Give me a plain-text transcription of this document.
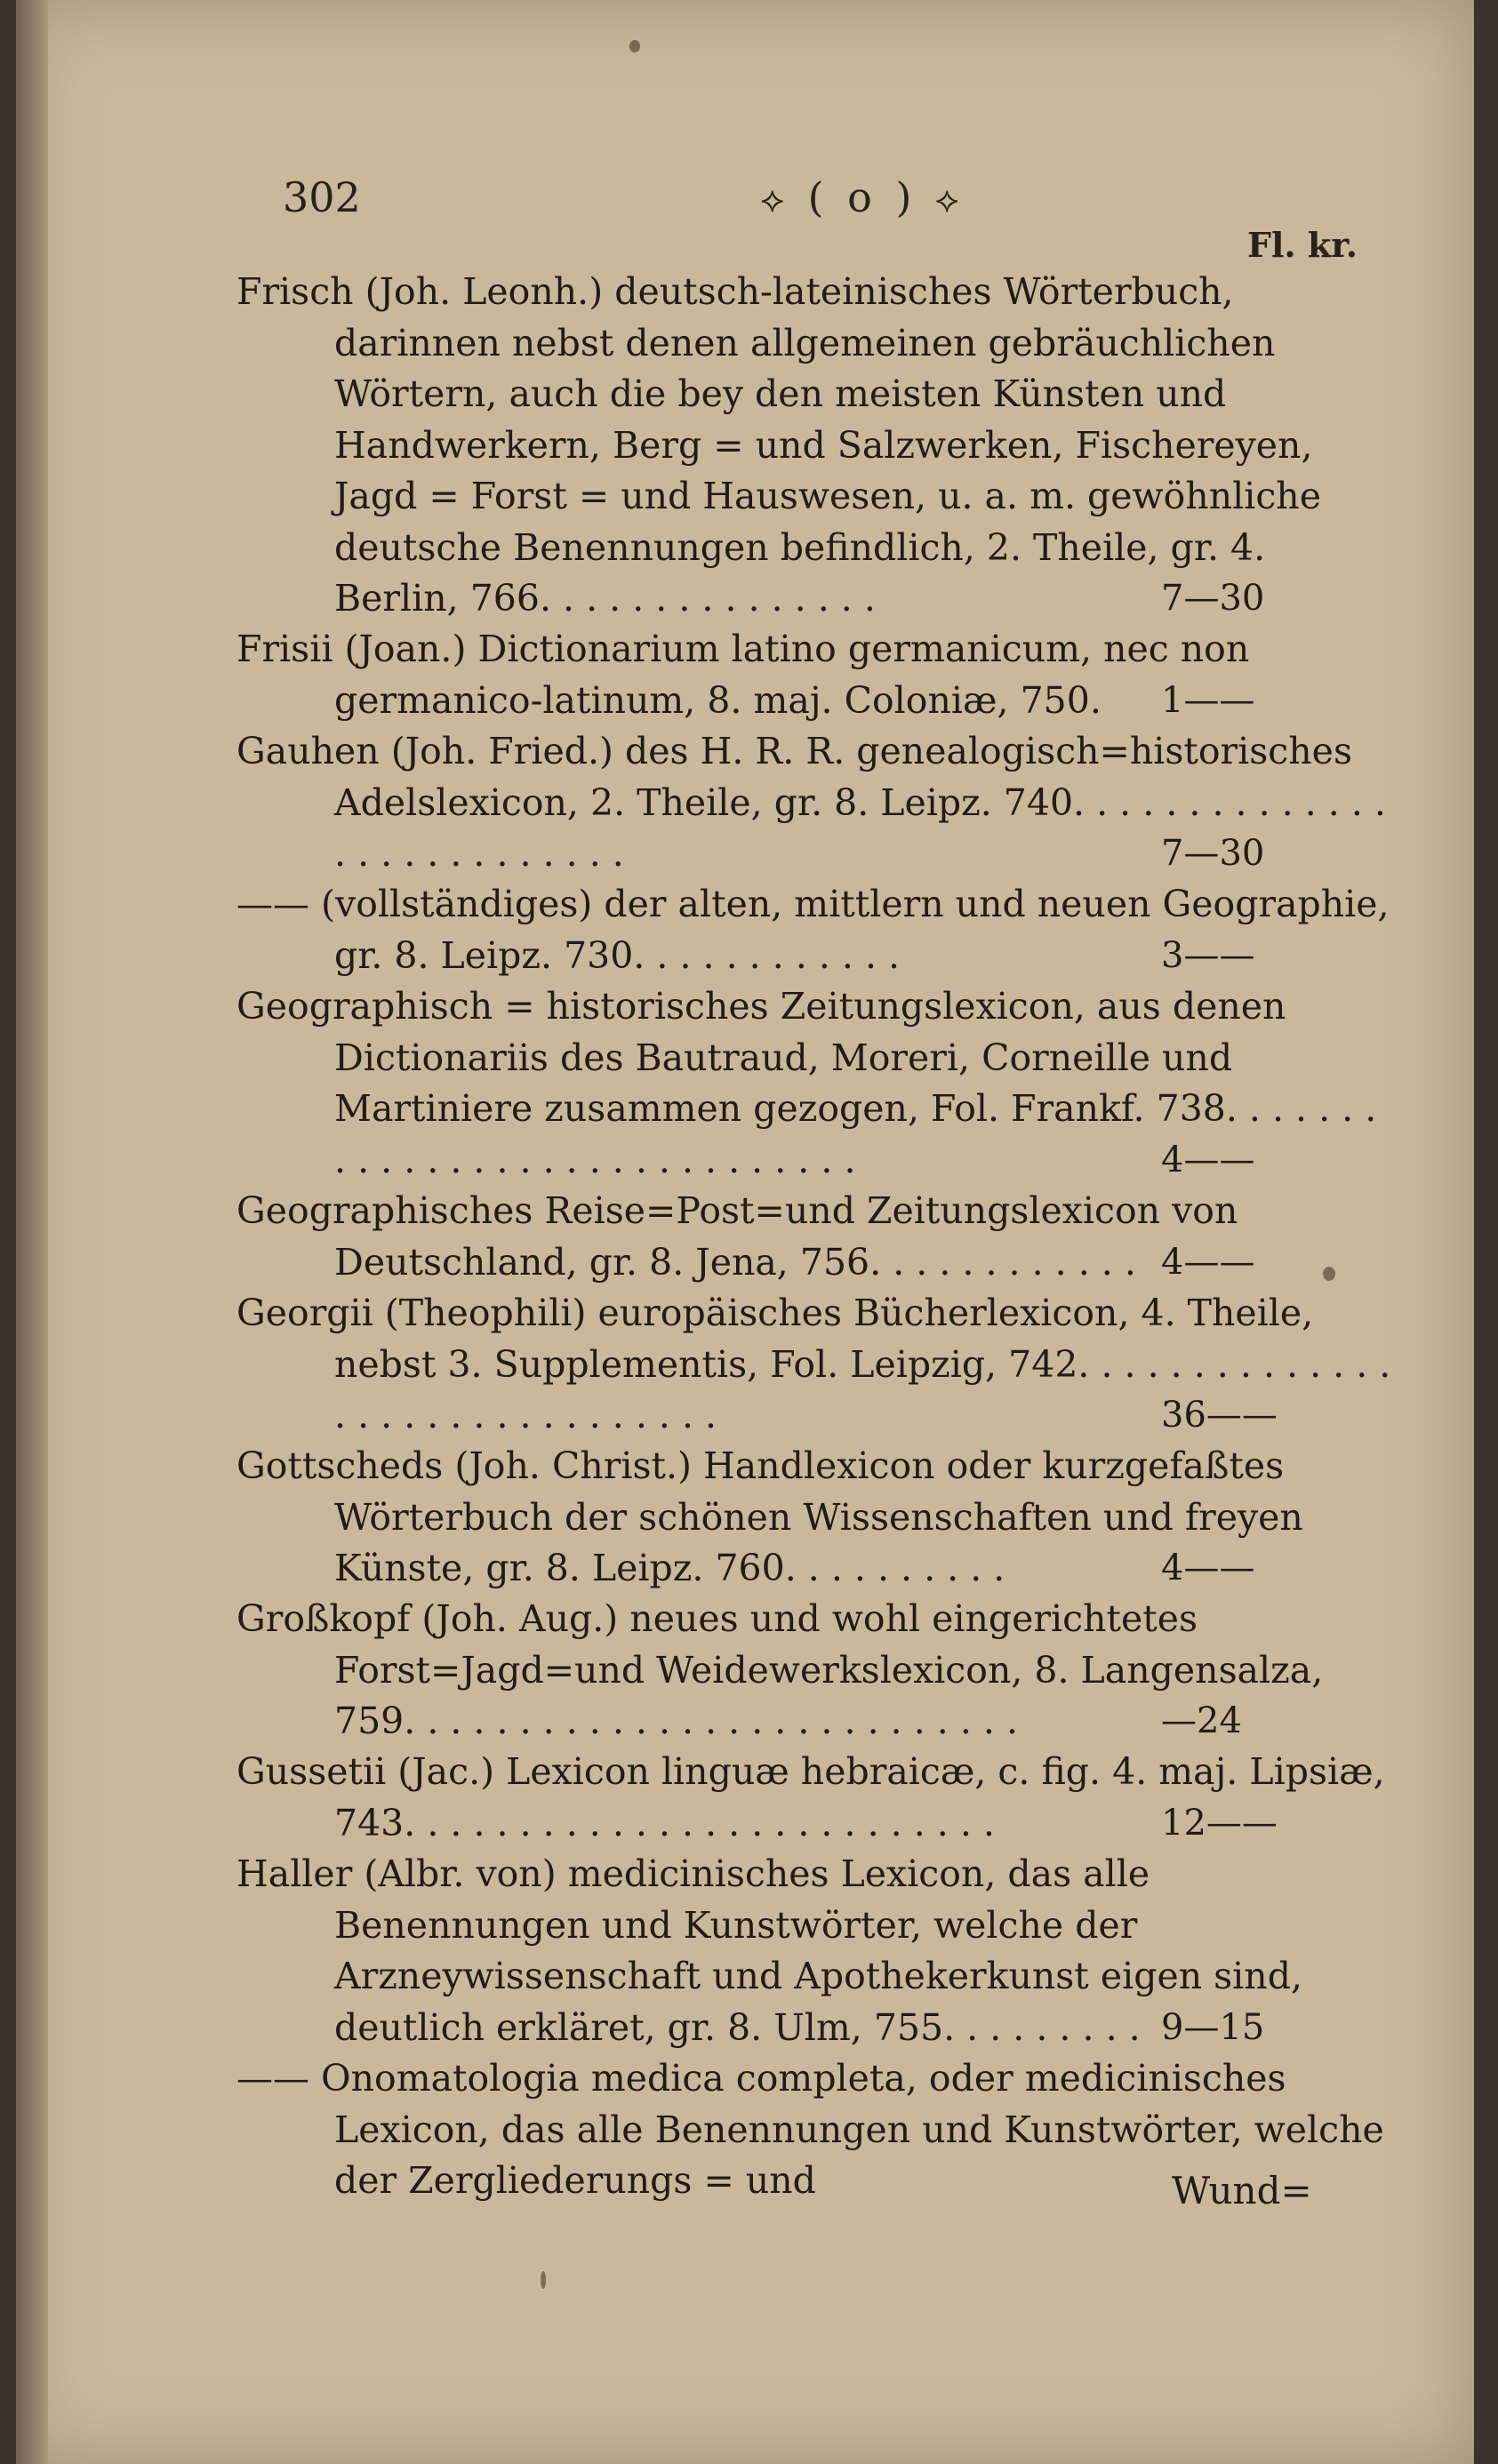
302	⟡ ( o ) ⟡
Fl. kr.
Frisch (Joh. Leonh.) deutsch-lateinisches Wörterbuch, darinnen nebst denen allgemeinen gebräuchlichen Wörtern, auch die bey den meisten Künsten und Handwerkern, Berg = und Salzwerken, Fischereyen, Jagd = Forst = und Hauswesen, u. a. m. gewöhnliche deutsche Benennungen befindlich, 2. Theile, gr. 4. Berlin, 766. . . . . . . . . . . . . . .	7—30
Frisii (Joan.) Dictionarium latino germanicum, nec non germanico-latinum, 8. maj. Coloniæ, 750. 1——
Gauhen (Joh. Fried.) des H. R. R. genealogisch=historisches Adelslexicon, 2. Theile, gr. 8. Leipz. 740. . . . . . . . . . . . . . . . . . . . . . . . . . .	7—30
—— (vollständiges) der alten, mittlern und neuen Geographie, gr. 8. Leipz. 730. . . . . . . . . . . .	3——
Geographisch = historisches Zeitungslexicon, aus denen Dictionariis des Bautraud, Moreri, Corneille und Martiniere zusammen gezogen, Fol. Frankf. 738. . . . . . . . . . . . . . . . . . . . . . . . . . . . . .	4——
Geographisches Reise=Post=und Zeitungslexicon von Deutschland, gr. 8. Jena, 756. . . . . . . . . . . . 4——
Georgii (Theophili) europäisches Bücherlexicon, 4. Theile, nebst 3. Supplementis, Fol. Leipzig, 742. . . . . . . . . . . . . . . . . . . . . . . . . . . . . . .	36——
Gottscheds (Joh. Christ.) Handlexicon oder kurzgefaßtes Wörterbuch der schönen Wissenschaften und freyen Künste, gr. 8. Leipz. 760. . . . . . . . . .	4——
Großkopf (Joh. Aug.) neues und wohl eingerichtetes Forst=Jagd=und Weidewerkslexicon, 8. Langensalza, 759. . . . . . . . . . . . . . . . . . . . . . . . . . .	—24
Gussetii (Jac.) Lexicon linguæ hebraicæ, c. fig. 4. maj. Lipsiæ, 743. . . . . . . . . . . . . . . . . . . . . . . . . .	12——
Haller (Albr. von) medicinisches Lexicon, das alle Benennungen und Kunstwörter, welche der Arzneywissenschaft und Apothekerkunst eigen sind, deutlich erkläret, gr. 8. Ulm, 755. . . . . . . . . 9—15
—— Onomatologia medica completa, oder medicinisches Lexicon, das alle Benennungen und Kunstwörter, welche der Zergliederungs = und	Wund=
